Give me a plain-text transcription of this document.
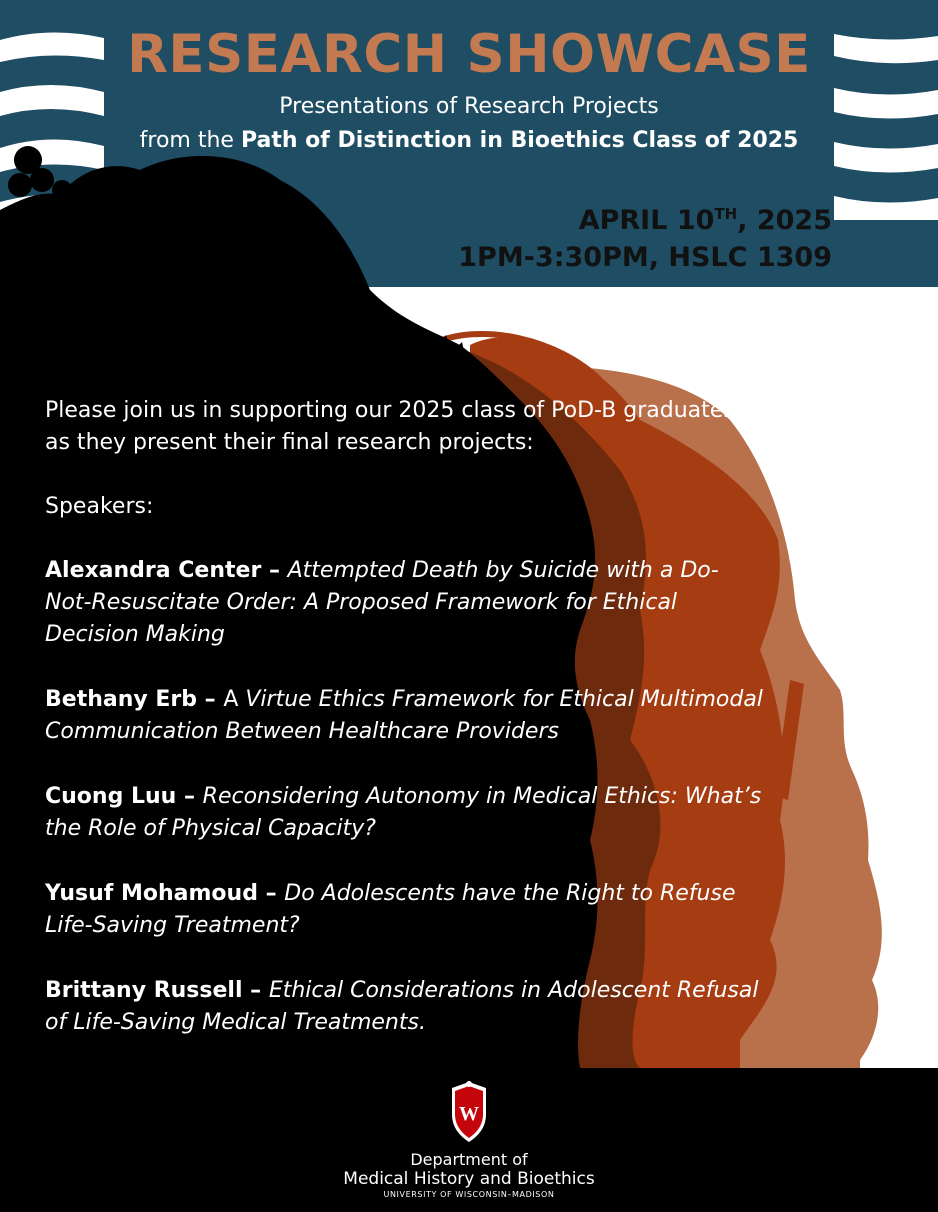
RESEARCH SHOWCASE
Presentations of Research Projects
from the Path of Distinction in Bioethics Class of 2025
APRIL 10TH, 2025
1PM-3:30PM, HSLC 1309

Please join us in supporting our 2025 class of PoD-B graduates as they present their final research projects:

Speakers:

Alexandra Center – Attempted Death by Suicide with a Do-Not-Resuscitate Order: A Proposed Framework for Ethical Decision Making

Bethany Erb – A Virtue Ethics Framework for Ethical Multimodal Communication Between Healthcare Providers

Cuong Luu – Reconsidering Autonomy in Medical Ethics: What’s the Role of Physical Capacity?

Yusuf Mohamoud – Do Adolescents have the Right to Refuse Life-Saving Treatment?

Brittany Russell – Ethical Considerations in Adolescent Refusal of Life-Saving Medical Treatments.

W
Department of
Medical History and Bioethics
UNIVERSITY OF WISCONSIN–MADISON
